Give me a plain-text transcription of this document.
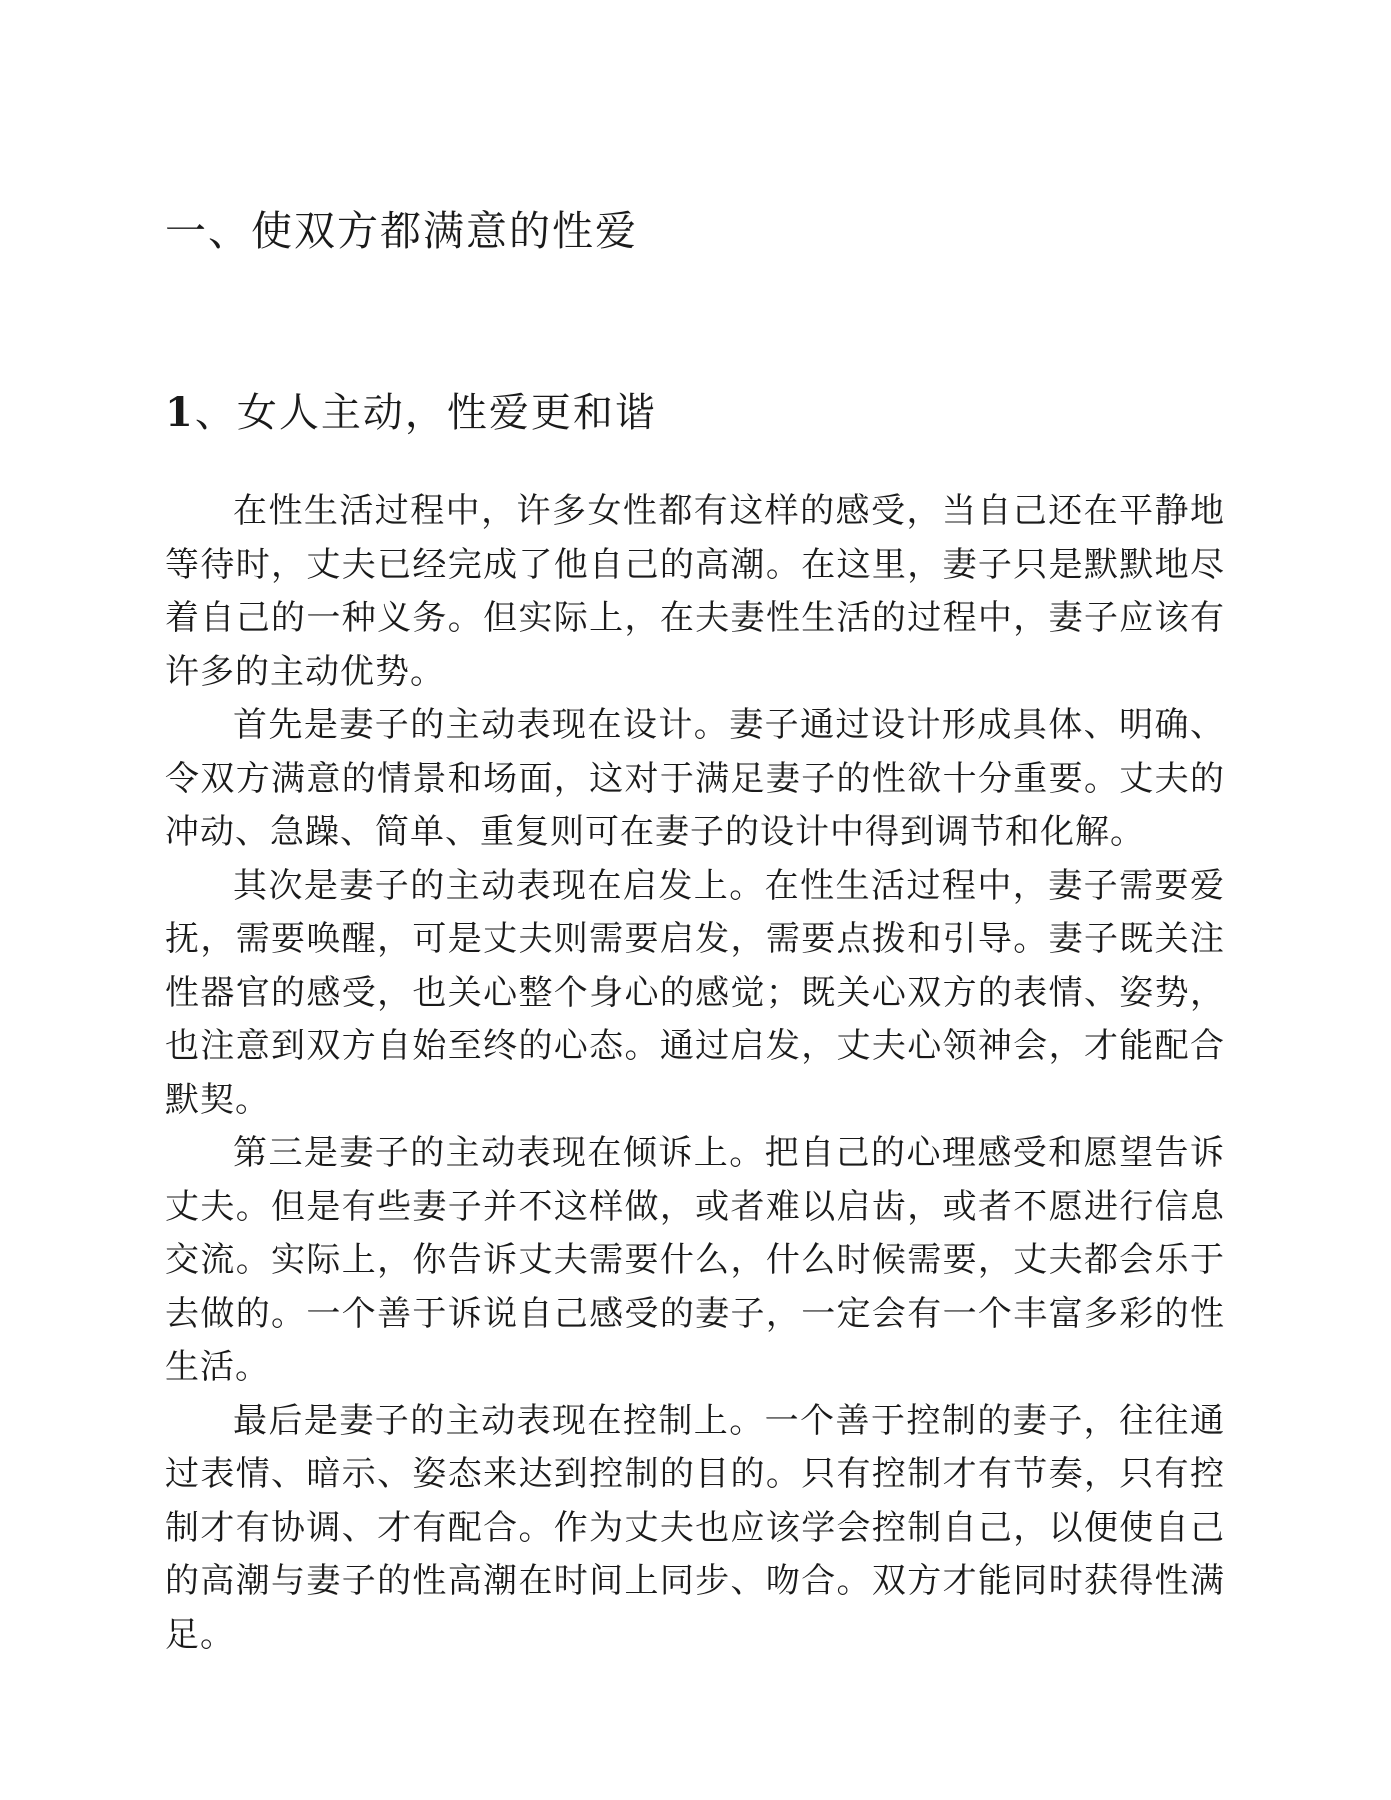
一、使双方都满意的性爱
1、女人主动，性爱更和谐

在性生活过程中，许多女性都有这样的感受，当自己还在平静地等待时，丈夫已经完成了他自己的高潮。在这里，妻子只是默默地尽着自己的一种义务。但实际上，在夫妻性生活的过程中，妻子应该有许多的主动优势。

首先是妻子的主动表现在设计。妻子通过设计形成具体、明确、令双方满意的情景和场面，这对于满足妻子的性欲十分重要。丈夫的冲动、急躁、简单、重复则可在妻子的设计中得到调节和化解。

其次是妻子的主动表现在启发上。在性生活过程中，妻子需要爱抚，需要唤醒，可是丈夫则需要启发，需要点拨和引导。妻子既关注性器官的感受，也关心整个身心的感觉；既关心双方的表情、姿势，也注意到双方自始至终的心态。通过启发，丈夫心领神会，才能配合默契。

第三是妻子的主动表现在倾诉上。把自己的心理感受和愿望告诉丈夫。但是有些妻子并不这样做，或者难以启齿，或者不愿进行信息交流。实际上，你告诉丈夫需要什么，什么时候需要，丈夫都会乐于去做的。一个善于诉说自己感受的妻子，一定会有一个丰富多彩的性生活。

最后是妻子的主动表现在控制上。一个善于控制的妻子，往往通过表情、暗示、姿态来达到控制的目的。只有控制才有节奏，只有控制才有协调、才有配合。作为丈夫也应该学会控制自己，以便使自己的高潮与妻子的性高潮在时间上同步、吻合。双方才能同时获得性满足。
